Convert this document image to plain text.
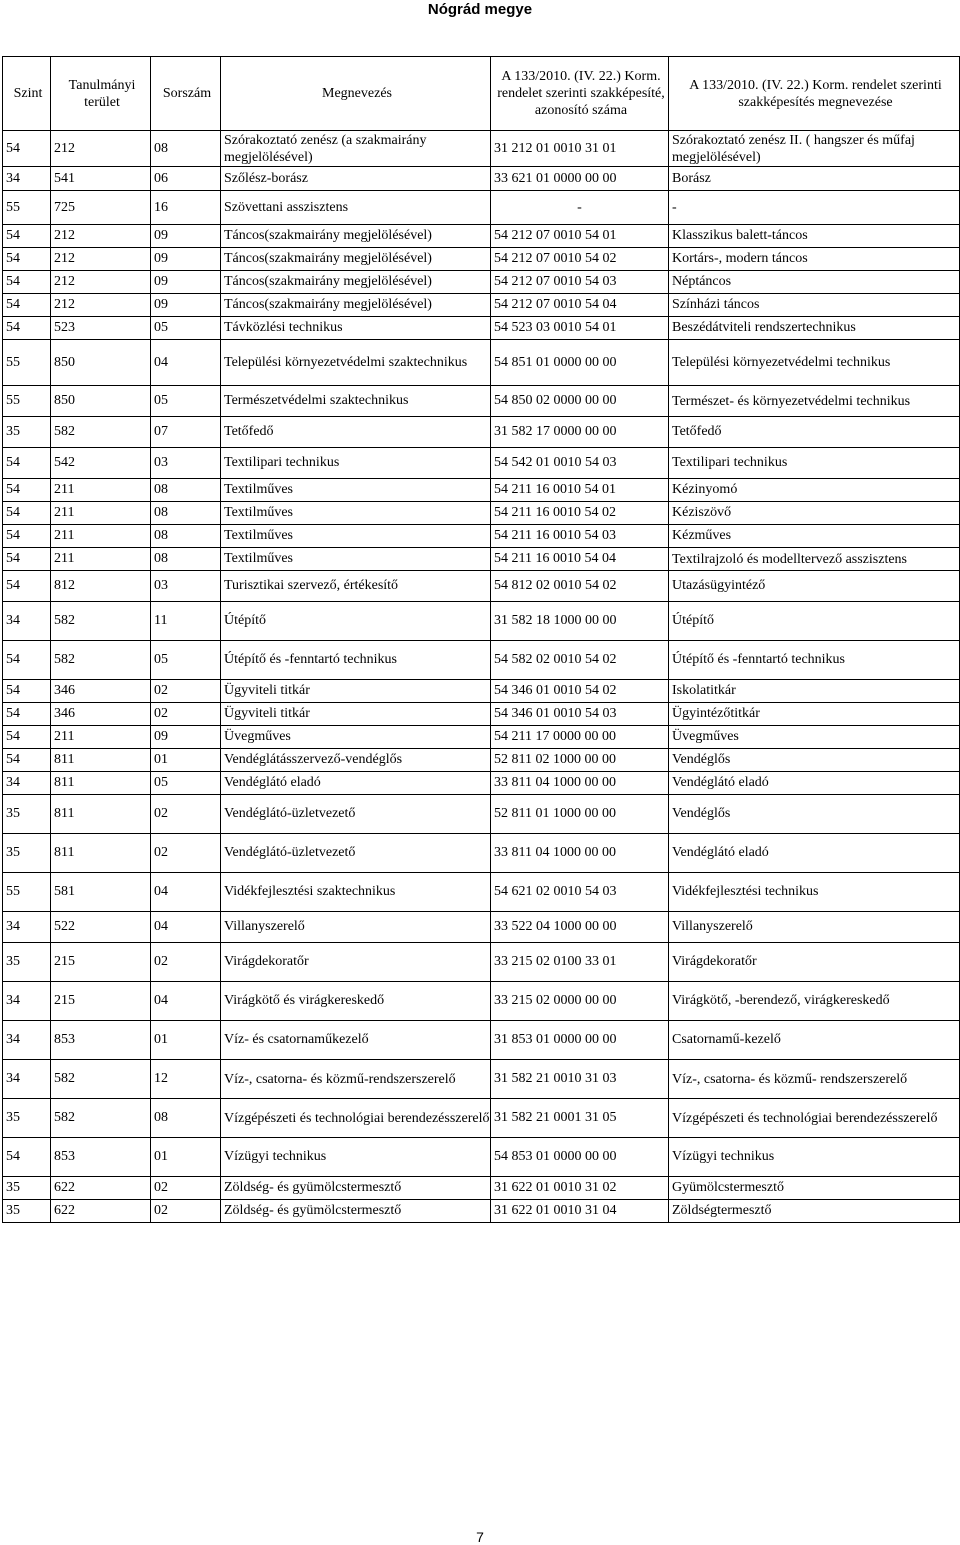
Nógrád megye
Szint	Tanulmányi terület	Sorszám	Megnevezés	A 133/2010. (IV. 22.) Korm. rendelet szerinti szakképesíté, azonosító száma	A 133/2010. (IV. 22.) Korm. rendelet szerinti szakképesítés megnevezése
54	212	08	Szórakoztató zenész (a szakmairány megjelölésével)	31 212 01 0010 31 01	Szórakoztató zenész II. ( hangszer és műfaj megjelölésével)
34	541	06	Szőlész-borász	33 621 01 0000 00 00	Borász
55	725	16	Szövettani asszisztens	-	-
54	212	09	Táncos(szakmairány megjelölésével)	54 212 07 0010 54 01	Klasszikus balett-táncos
54	212	09	Táncos(szakmairány megjelölésével)	54 212 07 0010 54 02	Kortárs-, modern táncos
54	212	09	Táncos(szakmairány megjelölésével)	54 212 07 0010 54 03	Néptáncos
54	212	09	Táncos(szakmairány megjelölésével)	54 212 07 0010 54 04	Színházi táncos
54	523	05	Távközlési technikus	54 523 03 0010 54 01	Beszédátviteli rendszertechnikus
55	850	04	Települési környezetvédelmi szaktechnikus	54 851 01 0000 00 00	Települési környezetvédelmi technikus
55	850	05	Természetvédelmi szaktechnikus	54 850 02 0000 00 00	Természet- és környezetvédelmi technikus
35	582	07	Tetőfedő	31 582 17 0000 00 00	Tetőfedő
54	542	03	Textilipari technikus	54 542 01 0010 54 03	Textilipari technikus
54	211	08	Textilműves	54 211 16 0010 54 01	Kézinyomó
54	211	08	Textilműves	54 211 16 0010 54 02	Kéziszövő
54	211	08	Textilműves	54 211 16 0010 54 03	Kézműves
54	211	08	Textilműves	54 211 16 0010 54 04	Textilrajzoló és modelltervező asszisztens
54	812	03	Turisztikai szervező, értékesítő	54 812 02 0010 54 02	Utazásügyintéző
34	582	11	Útépítő	31 582 18 1000 00 00	Útépítő
54	582	05	Útépítő és -fenntartó technikus	54 582 02 0010 54 02	Útépítő és -fenntartó technikus
54	346	02	Ügyviteli titkár	54 346 01 0010 54 02	Iskolatitkár
54	346	02	Ügyviteli titkár	54 346 01 0010 54 03	Ügyintézőtitkár
54	211	09	Üvegműves	54 211 17 0000 00 00	Üvegműves
54	811	01	Vendéglátásszervező-vendéglős	52 811 02 1000 00 00	Vendéglős
34	811	05	Vendéglátó eladó	33 811 04 1000 00 00	Vendéglátó eladó
35	811	02	Vendéglátó-üzletvezető	52 811 01 1000 00 00	Vendéglős
35	811	02	Vendéglátó-üzletvezető	33 811 04 1000 00 00	Vendéglátó eladó
55	581	04	Vidékfejlesztési szaktechnikus	54 621 02 0010 54 03	Vidékfejlesztési technikus
34	522	04	Villanyszerelő	33 522 04 1000 00 00	Villanyszerelő
35	215	02	Virágdekoratőr	33 215 02 0100 33 01	Virágdekoratőr
34	215	04	Virágkötő és virágkereskedő	33 215 02 0000 00 00	Virágkötő, -berendező, virágkereskedő
34	853	01	Víz- és csatornaműkezelő	31 853 01 0000 00 00	Csatornamű-kezelő
34	582	12	Víz-, csatorna- és közmű-rendszerszerelő	31 582 21 0010 31 03	Víz-, csatorna- és közmű- rendszerszerelő
35	582	08	Vízgépészeti és technológiai berendezésszerelő	31 582 21 0001 31 05	Vízgépészeti és technológiai berendezésszerelő
54	853	01	Vízügyi technikus	54 853 01 0000 00 00	Vízügyi technikus
35	622	02	Zöldség- és gyümölcstermesztő	31 622 01 0010 31 02	Gyümölcstermesztő
35	622	02	Zöldség- és gyümölcstermesztő	31 622 01 0010 31 04	Zöldségtermesztő
7
